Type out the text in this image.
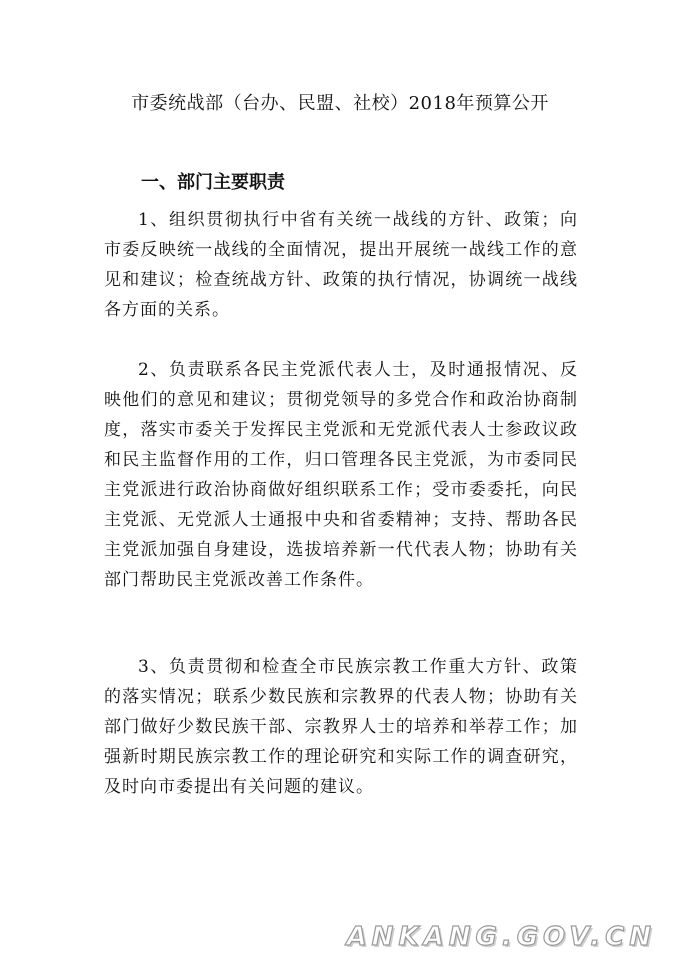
市委统战部（台办、民盟、社校）2018年预算公开
一、部门主要职责

1、组织贯彻执行中省有关统一战线的方针、政策；向市委反映统一战线的全面情况，提出开展统一战线工作的意见和建议；检查统战方针、政策的执行情况，协调统一战线各方面的关系。

2、负责联系各民主党派代表人士，及时通报情况、反映他们的意见和建议；贯彻党领导的多党合作和政治协商制度，落实市委关于发挥民主党派和无党派代表人士参政议政和民主监督作用的工作，归口管理各民主党派，为市委同民主党派进行政治协商做好组织联系工作；受市委委托，向民主党派、无党派人士通报中央和省委精神；支持、帮助各民主党派加强自身建设，选拔培养新一代代表人物；协助有关部门帮助民主党派改善工作条件。

3、负责贯彻和检查全市民族宗教工作重大方针、政策的落实情况；联系少数民族和宗教界的代表人物；协助有关部门做好少数民族干部、宗教界人士的培养和举荐工作；加强新时期民族宗教工作的理论研究和实际工作的调查研究，及时向市委提出有关问题的建议。

ANKANG.GOV.CN
